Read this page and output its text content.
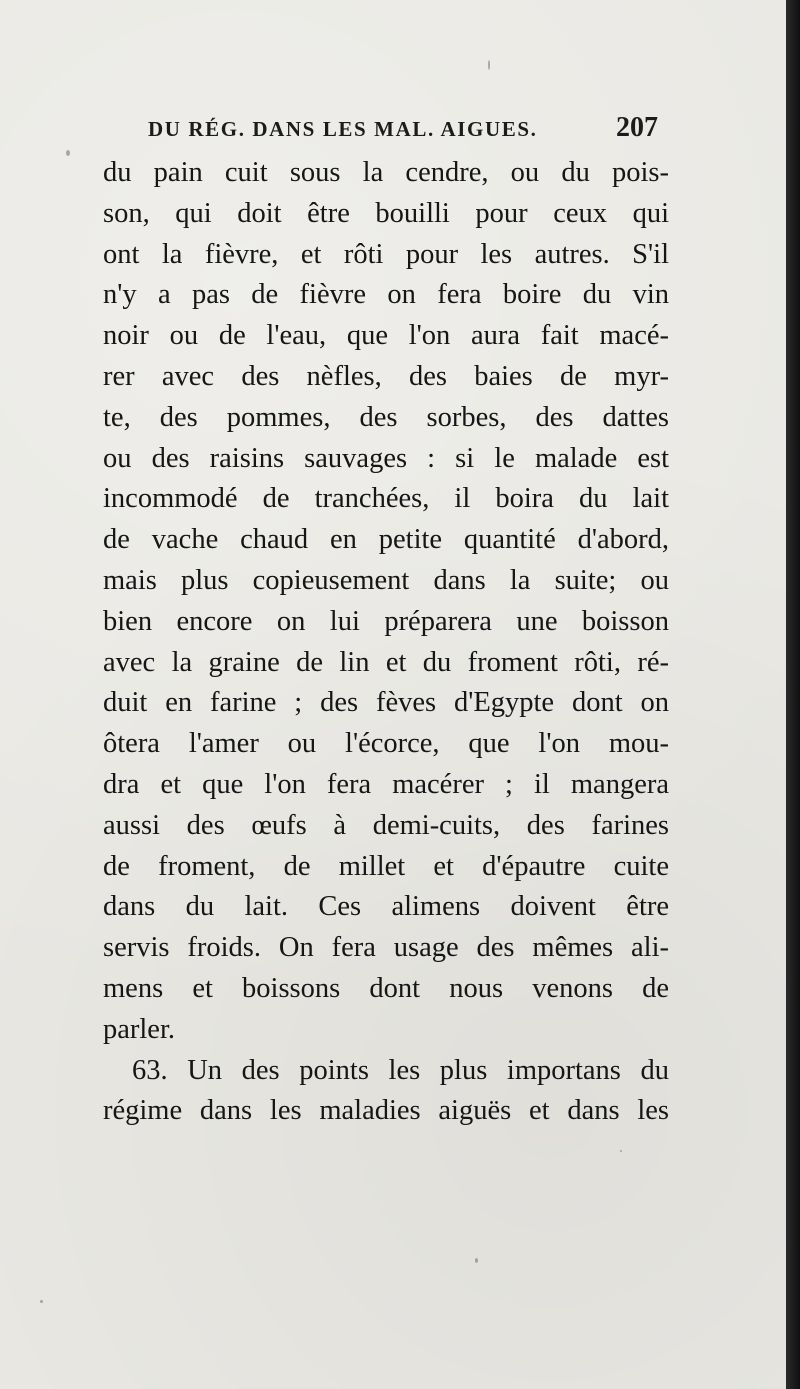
DU RÉG. DANS LES MAL. AIGUES.	207
du pain cuit sous la cendre, ou du pois-
son, qui doit être bouilli pour ceux qui
ont la fièvre, et rôti pour les autres. S'il
n'y a pas de fièvre on fera boire du vin
noir ou de l'eau, que l'on aura fait macé-
rer avec des nèfles, des baies de myr-
te, des pommes, des sorbes, des dattes
ou des raisins sauvages : si le malade est
incommodé de tranchées, il boira du lait
de vache chaud en petite quantité d'abord,
mais plus copieusement dans la suite; ou
bien encore on lui préparera une boisson
avec la graine de lin et du froment rôti, ré-
duit en farine ; des fèves d'Egypte dont on
ôtera l'amer ou l'écorce, que l'on mou-
dra et que l'on fera macérer ; il mangera
aussi des œufs à demi-cuits, des farines
de froment, de millet et d'épautre cuite
dans du lait. Ces alimens doivent être
servis froids. On fera usage des mêmes ali-
mens et boissons dont nous venons de
parler.
63. Un des points les plus importans du
régime dans les maladies aiguës et dans les
